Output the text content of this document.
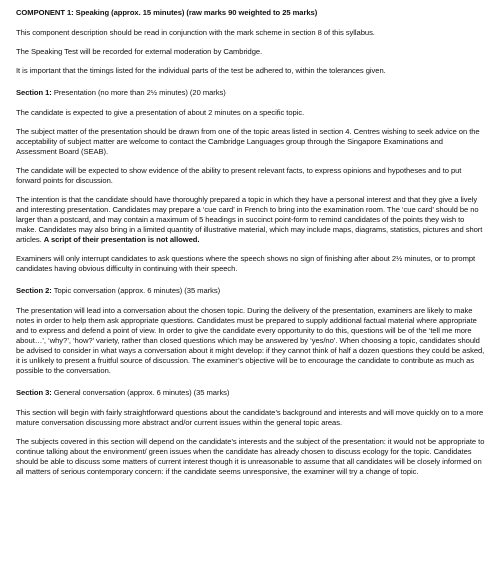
COMPONENT 1: Speaking (approx. 15 minutes) (raw marks 90 weighted to 25 marks)

This component description should be read in conjunction with the mark scheme in section 8 of this syllabus.

The Speaking Test will be recorded for external moderation by Cambridge.

It is important that the timings listed for the individual parts of the test be adhered to, within the tolerances given.

Section 1: Presentation (no more than 2½ minutes) (20 marks)

The candidate is expected to give a presentation of about 2 minutes on a specific topic.

The subject matter of the presentation should be drawn from one of the topic areas listed in section 4. Centres wishing to seek advice on the acceptability of subject matter are welcome to contact the Cambridge Languages group through the Singapore Examinations and Assessment Board (SEAB).

The candidate will be expected to show evidence of the ability to present relevant facts, to express opinions and hypotheses and to put forward points for discussion.

The intention is that the candidate should have thoroughly prepared a topic in which they have a personal interest and that they give a lively and interesting presentation. Candidates may prepare a ‘cue card’ in French to bring into the examination room. The ‘cue card’ should be no larger than a postcard, and may contain a maximum of 5 headings in succinct point-form to remind candidates of the points they wish to make. Candidates may also bring in a limited quantity of illustrative material, which may include maps, diagrams, statistics, pictures and short articles. A script of their presentation is not allowed.

Examiners will only interrupt candidates to ask questions where the speech shows no sign of finishing after about 2½ minutes, or to prompt candidates having obvious difficulty in continuing with their speech.

Section 2: Topic conversation (approx. 6 minutes) (35 marks)

The presentation will lead into a conversation about the chosen topic. During the delivery of the presentation, examiners are likely to make notes in order to help them ask appropriate questions. Candidates must be prepared to supply additional factual material where appropriate and to express and defend a point of view. In order to give the candidate every opportunity to do this, questions will be of the ‘tell me more about…’, ‘why?’, ‘how?’ variety, rather than closed questions which may be answered by ‘yes/no’. When choosing a topic, candidates should be advised to consider in what ways a conversation about it might develop: if they cannot think of half a dozen questions they could be asked, it is unlikely to present a fruitful source of discussion. The examiner’s objective will be to encourage the candidate to contribute as much as possible to the conversation.

Section 3: General conversation (approx. 6 minutes) (35 marks)

This section will begin with fairly straightforward questions about the candidate’s background and interests and will move quickly on to a more mature conversation discussing more abstract and/or current issues within the general topic areas.

The subjects covered in this section will depend on the candidate’s interests and the subject of the presentation: it would not be appropriate to continue talking about the environment/ green issues when the candidate has already chosen to discuss ecology for the topic. Candidates should be able to discuss some matters of current interest though it is unreasonable to assume that all candidates will be closely informed on all matters of serious contemporary concern: if the candidate seems unresponsive, the examiner will try a change of topic.
